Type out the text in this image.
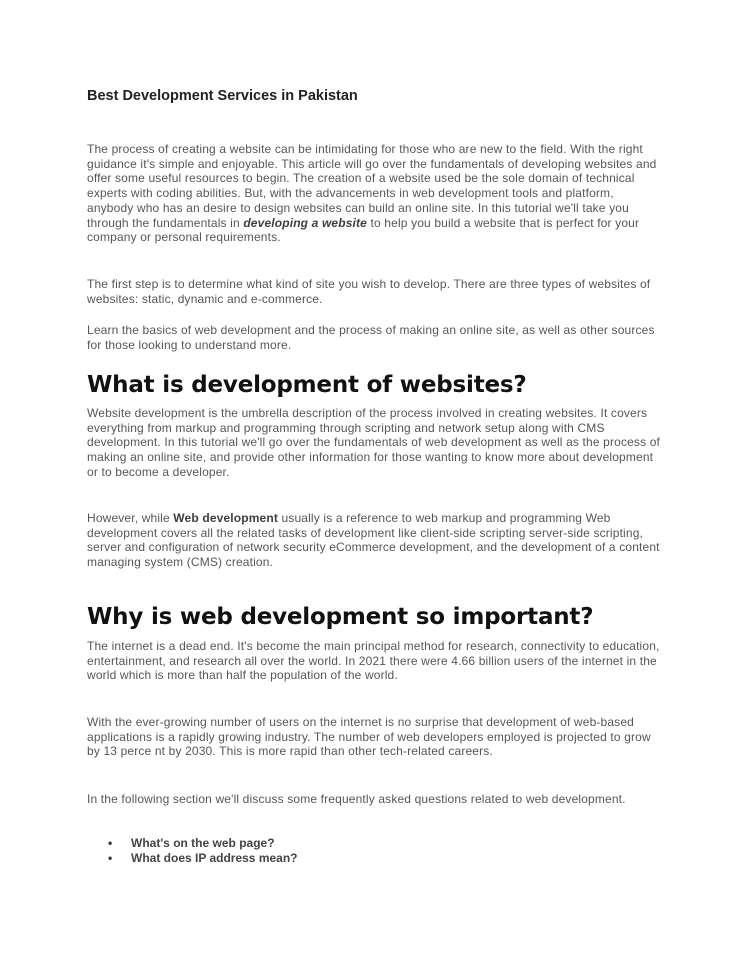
Best Development Services in Pakistan

The process of creating a website can be intimidating for those who are new to the field. With the right guidance it's simple and enjoyable. This article will go over the fundamentals of developing websites and offer some useful resources to begin. The creation of a website used be the sole domain of technical experts with coding abilities. But, with the advancements in web development tools and platform, anybody who has an desire to design websites can build an online site. In this tutorial we'll take you through the fundamentals in developing a website to help you build a website that is perfect for your company or personal requirements.

The first step is to determine what kind of site you wish to develop. There are three types of websites of websites: static, dynamic and e-commerce.

Learn the basics of web development and the process of making an online site, as well as other sources for those looking to understand more.

What is development of websites?

Website development is the umbrella description of the process involved in creating websites. It covers everything from markup and programming through scripting and network setup along with CMS development. In this tutorial we'll go over the fundamentals of web development as well as the process of making an online site, and provide other information for those wanting to know more about development or to become a developer.

However, while Web development usually is a reference to web markup and programming Web development covers all the related tasks of development like client-side scripting server-side scripting, server and configuration of network security eCommerce development, and the development of a content managing system (CMS) creation.

Why is web development so important?

The internet is a dead end. It's become the main principal method for research, connectivity to education, entertainment, and research all over the world. In 2021 there were 4.66 billion users of the internet in the world which is more than half the population of the world.

With the ever-growing number of users on the internet is no surprise that development of web-based applications is a rapidly growing industry. The number of web developers employed is projected to grow by 13 perce nt by 2030. This is more rapid than other tech-related careers.

In the following section we'll discuss some frequently asked questions related to web development.

• What's on the web page?
• What does IP address mean?
